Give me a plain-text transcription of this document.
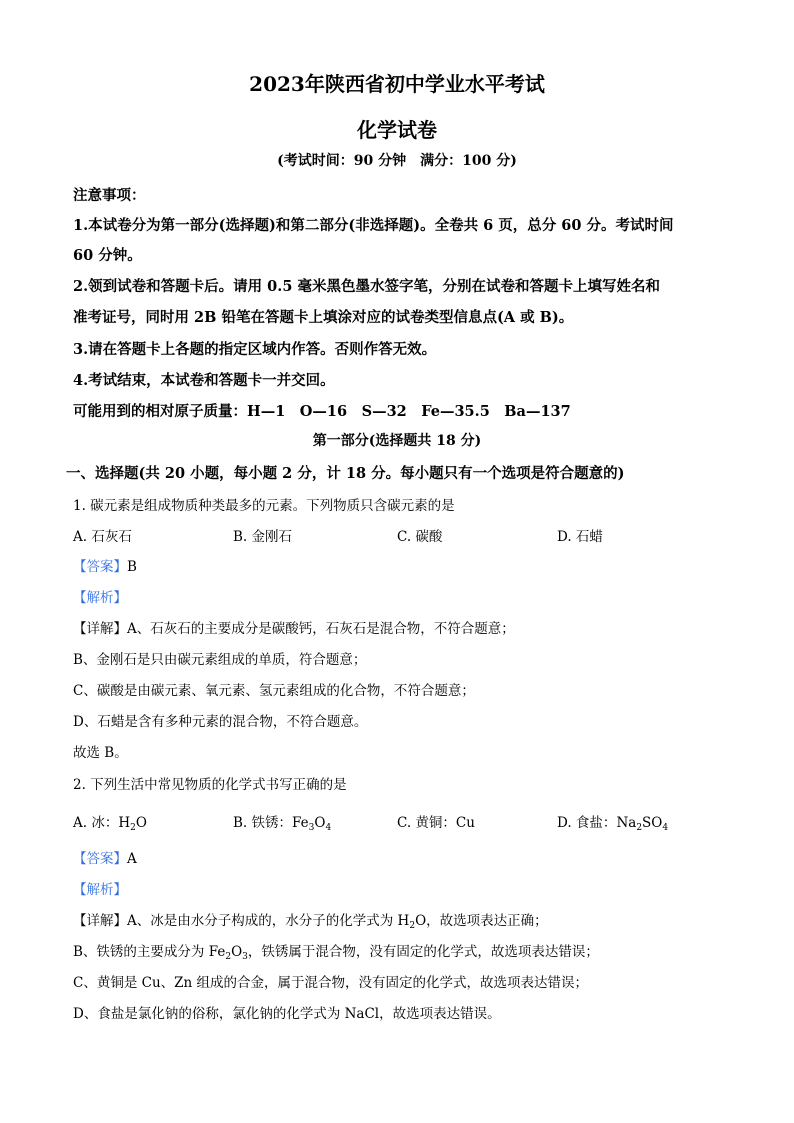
2023年陕西省初中学业水平考试
化学试卷
(考试时间：90 分钟　满分：100 分)
注意事项：
1.本试卷分为第一部分(选择题)和第二部分(非选择题)。全卷共 6 页，总分 60 分。考试时间
60 分钟。
2.领到试卷和答题卡后。请用 0.5 毫米黑色墨水签字笔，分别在试卷和答题卡上填写姓名和
准考证号，同时用 2B 铅笔在答题卡上填涂对应的试卷类型信息点(A 或 B)。
3.请在答题卡上各题的指定区域内作答。否则作答无效。
4.考试结束，本试卷和答题卡一并交回。
可能用到的相对原子质量：H—1　O—16　S—32　Fe—35.5　Ba—137
第一部分(选择题共 18 分)
一、选择题(共 20 小题，每小题 2 分，计 18 分。每小题只有一个选项是符合题意的)
1. 碳元素是组成物质种类最多的元素。下列物质只含碳元素的是
A. 石灰石	B. 金刚石	C. 碳酸	D. 石蜡
【答案】B
【解析】
【详解】A、石灰石的主要成分是碳酸钙，石灰石是混合物，不符合题意；
B、金刚石是只由碳元素组成的单质，符合题意；
C、碳酸是由碳元素、氧元素、氢元素组成的化合物，不符合题意；
D、石蜡是含有多种元素的混合物，不符合题意。
故选 B。
2. 下列生活中常见物质的化学式书写正确的是
A. 冰：$H_2O$	B. 铁锈：$Fe_3O_4$	C. 黄铜：Cu	D. 食盐：$Na_2SO_4$
【答案】A
【解析】
【详解】A、冰是由水分子构成的，水分子的化学式为 $H_2O$，故选项表达正确；
B、铁锈的主要成分为 $Fe_2O_3$，铁锈属于混合物，没有固定的化学式，故选项表达错误；
C、黄铜是 Cu、Zn 组成的合金，属于混合物，没有固定的化学式，故选项表达错误；
D、食盐是氯化钠的俗称，氯化钠的化学式为 NaCl，故选项表达错误。
